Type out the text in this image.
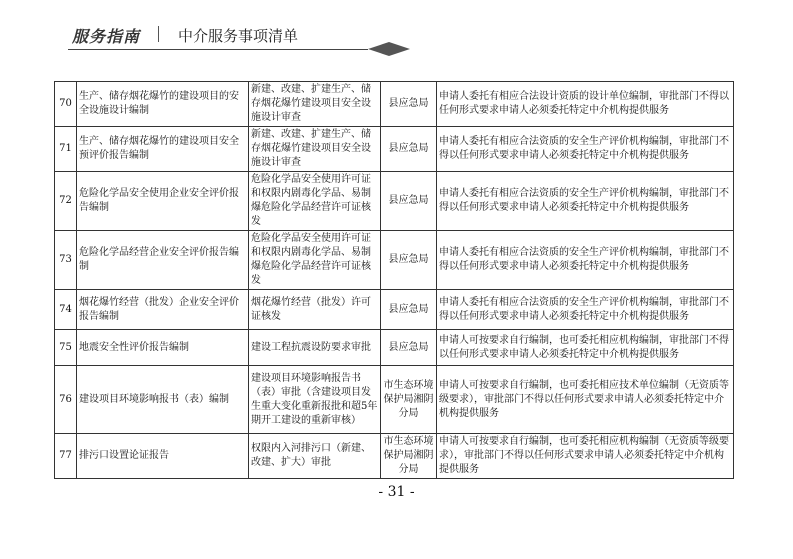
服务指南	中介服务事项清单
70	生产、储存烟花爆竹的建设项目的安全设施设计编制	新建、改建、扩建生产、储存烟花爆竹建设项目安全设施设计审查	县应急局	申请人委托有相应合法设计资质的设计单位编制，审批部门不得以任何形式要求申请人必须委托特定中介机构提供服务
71	生产、储存烟花爆竹的建设项目安全预评价报告编制	新建、改建、扩建生产、储存烟花爆竹建设项目安全设施设计审查	县应急局	申请人委托有相应合法资质的安全生产评价机构编制，审批部门不得以任何形式要求申请人必须委托特定中介机构提供服务
72	危险化学品安全使用企业安全评价报告编制	危险化学品安全使用许可证和权限内剧毒化学品、易制爆危险化学品经营许可证核发	县应急局	申请人委托有相应合法资质的安全生产评价机构编制，审批部门不得以任何形式要求申请人必须委托特定中介机构提供服务
73	危险化学品经营企业安全评价报告编制	危险化学品安全使用许可证和权限内剧毒化学品、易制爆危险化学品经营许可证核发	县应急局	申请人委托有相应合法资质的安全生产评价机构编制，审批部门不得以任何形式要求申请人必须委托特定中介机构提供服务
74	烟花爆竹经营（批发）企业安全评价报告编制	烟花爆竹经营（批发）许可证核发	县应急局	申请人委托有相应合法资质的安全生产评价机构编制，审批部门不得以任何形式要求申请人必须委托特定中介机构提供服务
75	地震安全性评价报告编制	建设工程抗震设防要求审批	县应急局	申请人可按要求自行编制，也可委托相应机构编制，审批部门不得以任何形式要求申请人必须委托特定中介机构提供服务
76	建设项目环境影响报书（表）编制	建设项目环境影响报告书（表）审批（含建设项目发生重大变化重新报批和超5年期开工建设的重新审核）	市生态环境保护局湘阴分局	申请人可按要求自行编制，也可委托相应技术单位编制（无资质等级要求），审批部门不得以任何形式要求申请人必须委托特定中介机构提供服务
77	排污口设置论证报告	权限内入河排污口（新建、改建、扩大）审批	市生态环境保护局湘阴分局	申请人可按要求自行编制，也可委托相应机构编制（无资质等级要求），审批部门不得以任何形式要求申请人必须委托特定中介机构提供服务
- 31 -
